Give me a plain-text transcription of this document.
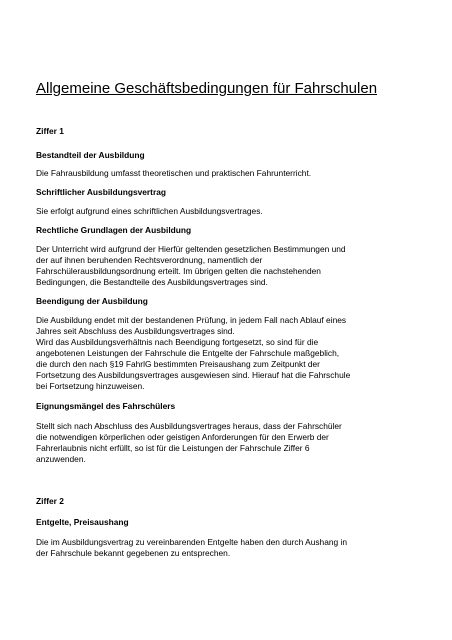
Allgemeine Geschäftsbedingungen für Fahrschulen

Ziffer 1

Bestandteil der Ausbildung

Die Fahrausbildung umfasst theoretischen und praktischen Fahrunterricht.

Schriftlicher Ausbildungsvertrag

Sie erfolgt aufgrund eines schriftlichen Ausbildungsvertrages.

Rechtliche Grundlagen der Ausbildung

Der Unterricht wird aufgrund der Hierfür geltenden gesetzlichen Bestimmungen und
der auf ihnen beruhenden Rechtsverordnung, namentlich der
Fahrschülerausbildungsordnung erteilt. Im übrigen gelten die nachstehenden
Bedingungen, die Bestandteile des Ausbildungsvertrages sind.

Beendigung der Ausbildung

Die Ausbildung endet mit der bestandenen Prüfung, in jedem Fall nach Ablauf eines
Jahres seit Abschluss des Ausbildungsvertrages sind.
Wird das Ausbildungsverhältnis nach Beendigung fortgesetzt, so sind für die
angebotenen Leistungen der Fahrschule die Entgelte der Fahrschule maßgeblich,
die durch den nach §19 FahrlG bestimmten Preisaushang zum Zeitpunkt der
Fortsetzung des Ausbildungsvertrages ausgewiesen sind. Hierauf hat die Fahrschule
bei Fortsetzung hinzuweisen.

Eignungsmängel des Fahrschülers

Stellt sich nach Abschluss des Ausbildungsvertrages heraus, dass der Fahrschüler
die notwendigen körperlichen oder geistigen Anforderungen für den Erwerb der
Fahrerlaubnis nicht erfüllt, so ist für die Leistungen der Fahrschule Ziffer 6
anzuwenden.

Ziffer 2

Entgelte, Preisaushang

Die im Ausbildungsvertrag zu vereinbarenden Entgelte haben den durch Aushang in
der Fahrschule bekannt gegebenen zu entsprechen.
